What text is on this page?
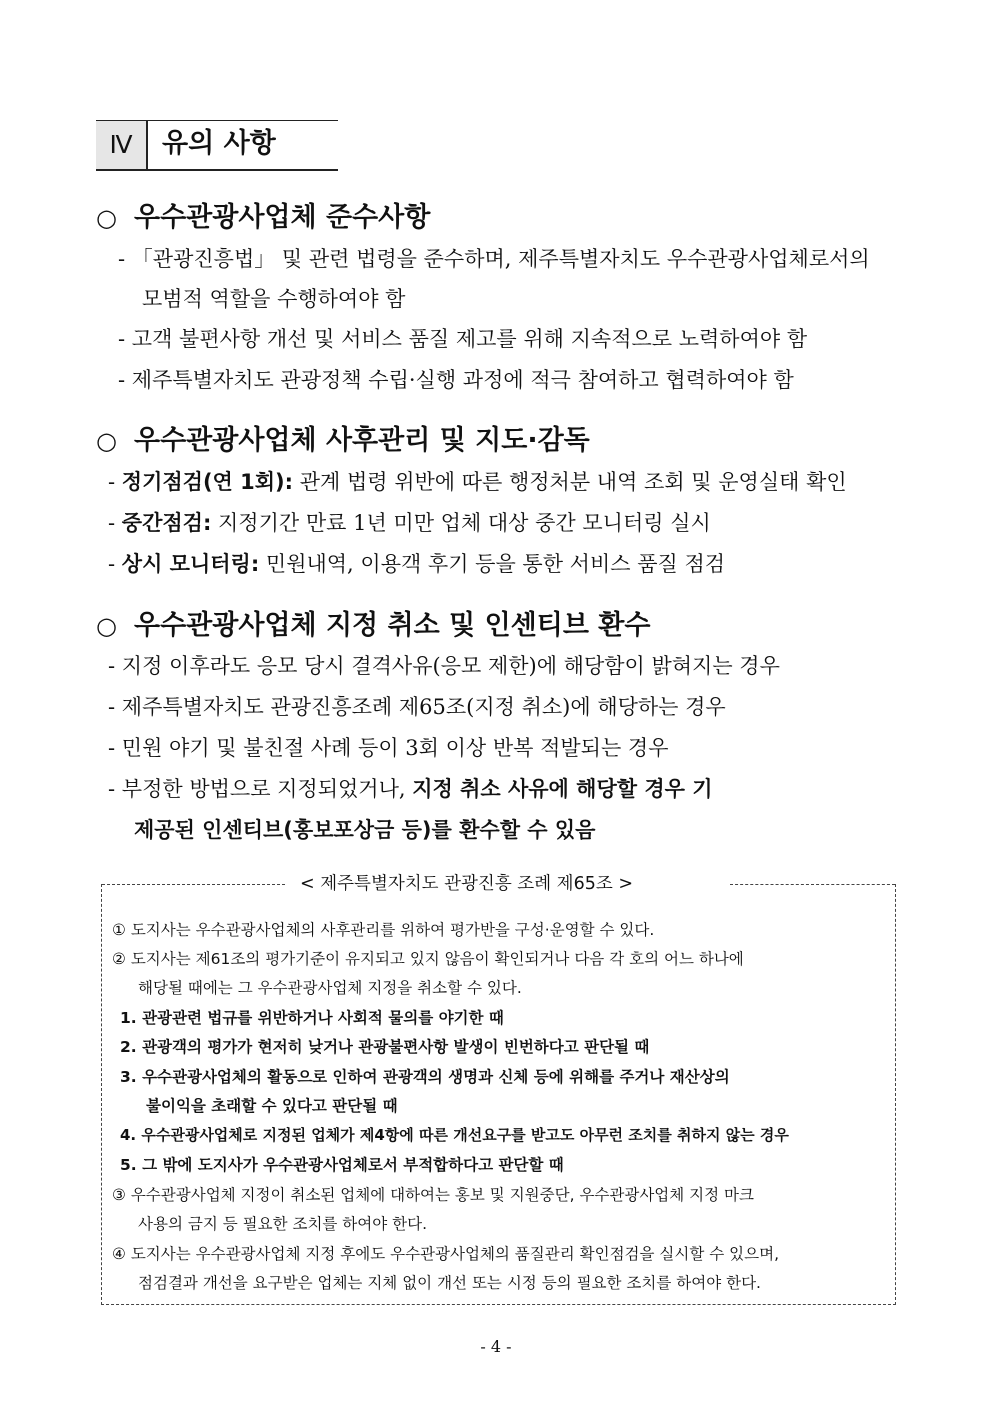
Ⅳ	유의 사항
○ 우수관광사업체 준수사항
- 「관광진흥법」 및 관련 법령을 준수하며, 제주특별자치도 우수관광사업체로서의
모범적 역할을 수행하여야 함
- 고객 불편사항 개선 및 서비스 품질 제고를 위해 지속적으로 노력하여야 함
- 제주특별자치도 관광정책 수립·실행 과정에 적극 참여하고 협력하여야 함
○ 우수관광사업체 사후관리 및 지도·감독
- 정기점검(연 1회): 관계 법령 위반에 따른 행정처분 내역 조회 및 운영실태 확인
- 중간점검: 지정기간 만료 1년 미만 업체 대상 중간 모니터링 실시
- 상시 모니터링: 민원내역, 이용객 후기 등을 통한 서비스 품질 점검
○ 우수관광사업체 지정 취소 및 인센티브 환수
- 지정 이후라도 응모 당시 결격사유(응모 제한)에 해당함이 밝혀지는 경우
- 제주특별자치도 관광진흥조례 제65조(지정 취소)에 해당하는 경우
- 민원 야기 및 불친절 사례 등이 3회 이상 반복 적발되는 경우
- 부정한 방법으로 지정되었거나, 지정 취소 사유에 해당할 경우 기
제공된 인센티브(홍보포상금 등)를 환수할 수 있음
< 제주특별자치도 관광진흥 조례 제65조 >
① 도지사는 우수관광사업체의 사후관리를 위하여 평가반을 구성·운영할 수 있다.
② 도지사는 제61조의 평가기준이 유지되고 있지 않음이 확인되거나 다음 각 호의 어느 하나에
해당될 때에는 그 우수관광사업체 지정을 취소할 수 있다.
1. 관광관련 법규를 위반하거나 사회적 물의를 야기한 때
2. 관광객의 평가가 현저히 낮거나 관광불편사항 발생이 빈번하다고 판단될 때
3. 우수관광사업체의 활동으로 인하여 관광객의 생명과 신체 등에 위해를 주거나 재산상의
불이익을 초래할 수 있다고 판단될 때
4. 우수관광사업체로 지정된 업체가 제4항에 따른 개선요구를 받고도 아무런 조치를 취하지 않는 경우
5. 그 밖에 도지사가 우수관광사업체로서 부적합하다고 판단할 때
③ 우수관광사업체 지정이 취소된 업체에 대하여는 홍보 및 지원중단, 우수관광사업체 지정 마크
사용의 금지 등 필요한 조치를 하여야 한다.
④ 도지사는 우수관광사업체 지정 후에도 우수관광사업체의 품질관리 확인점검을 실시할 수 있으며,
점검결과 개선을 요구받은 업체는 지체 없이 개선 또는 시정 등의 필요한 조치를 하여야 한다.
- 4 -
